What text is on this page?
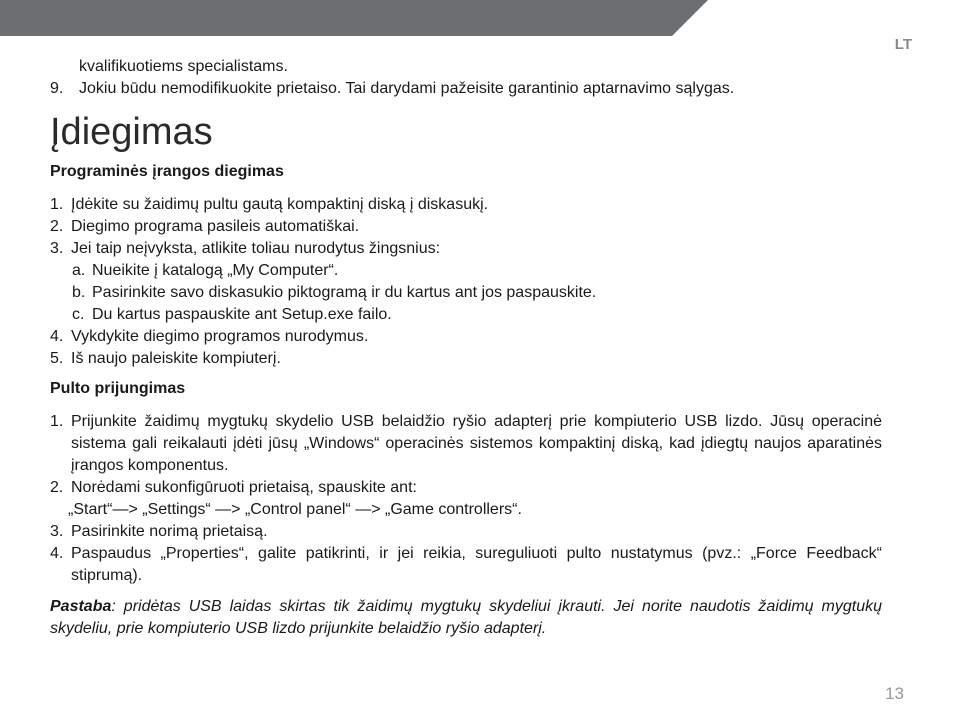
LT
kvalifikuotiems specialistams.
9. Jokiu būdu nemodifikuokite prietaiso. Tai darydami pažeisite garantinio aptarnavimo sąlygas.
Įdiegimas
Programinės įrangos diegimas
1. Įdėkite su žaidimų pultu gautą kompaktinį diską į diskasukį.
2. Diegimo programa pasileis automatiškai.
3. Jei taip neįvyksta, atlikite toliau nurodytus žingsnius:
a. Nueikite į katalogą „My Computer“.
b. Pasirinkite savo diskasukio piktogramą ir du kartus ant jos paspauskite.
c. Du kartus paspauskite ant Setup.exe failo.
4. Vykdykite diegimo programos nurodymus.
5. Iš naujo paleiskite kompiuterį.
Pulto prijungimas
1. Prijunkite žaidimų mygtukų skydelio USB belaidžio ryšio adapterį prie kompiuterio USB lizdo. Jūsų operacinė sistema gali reikalauti įdėti jūsų „Windows“ operacinės sistemos kompaktinį diską, kad įdiegtų naujos aparatinės įrangos komponentus.
2. Norėdami sukonfigūruoti prietaisą, spauskite ant:
„Start“—> „Settings“ —> „Control panel“ —> „Game controllers“.
3. Pasirinkite norimą prietaisą.
4. Paspaudus „Properties“, galite patikrinti, ir jei reikia, sureguliuoti pulto nustatymus (pvz.: „Force Feedback“ stiprumą).

Pastaba: pridėtas USB laidas skirtas tik žaidimų mygtukų skydeliui įkrauti. Jei norite naudotis žaidimų mygtukų skydeliu, prie kompiuterio USB lizdo prijunkite belaidžio ryšio adapterį.

13
